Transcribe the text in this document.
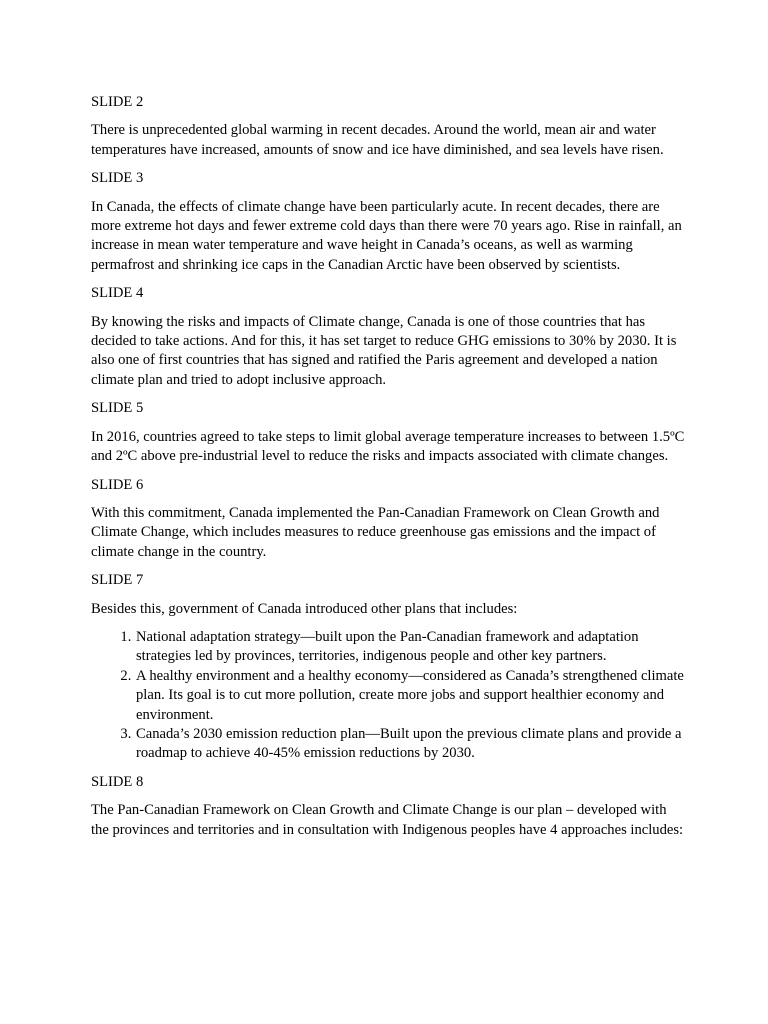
SLIDE 2
There is unprecedented global warming in recent decades. Around the world, mean air and water temperatures have increased, amounts of snow and ice have diminished, and sea levels have risen.
SLIDE 3
In Canada, the effects of climate change have been particularly acute. In recent decades, there are more extreme hot days and fewer extreme cold days than there were 70 years ago. Rise in rainfall, an increase in mean water temperature and wave height in Canada’s oceans, as well as warming permafrost and shrinking ice caps in the Canadian Arctic have been observed by scientists.
SLIDE 4
By knowing the risks and impacts of Climate change, Canada is one of those countries that has decided to take actions. And for this, it has set target to reduce GHG emissions to 30% by 2030. It is also one of first countries that has signed and ratified the Paris agreement and developed a nation climate plan and tried to adopt inclusive approach.
SLIDE 5
In 2016, countries agreed to take steps to limit global average temperature increases to between 1.5ºC and 2ºC above pre-industrial level to reduce the risks and impacts associated with climate changes.
SLIDE 6
With this commitment, Canada implemented the Pan-Canadian Framework on Clean Growth and Climate Change, which includes measures to reduce greenhouse gas emissions and the impact of climate change in the country.
SLIDE 7
Besides this, government of Canada introduced other plans that includes:
1. National adaptation strategy—built upon the Pan-Canadian framework and adaptation strategies led by provinces, territories, indigenous people and other key partners.
2. A healthy environment and a healthy economy—considered as Canada’s strengthened climate plan. Its goal is to cut more pollution, create more jobs and support healthier economy and environment.
3. Canada’s 2030 emission reduction plan—Built upon the previous climate plans and provide a roadmap to achieve 40-45% emission reductions by 2030.
SLIDE 8
The Pan-Canadian Framework on Clean Growth and Climate Change is our plan – developed with the provinces and territories and in consultation with Indigenous peoples have 4 approaches includes:
